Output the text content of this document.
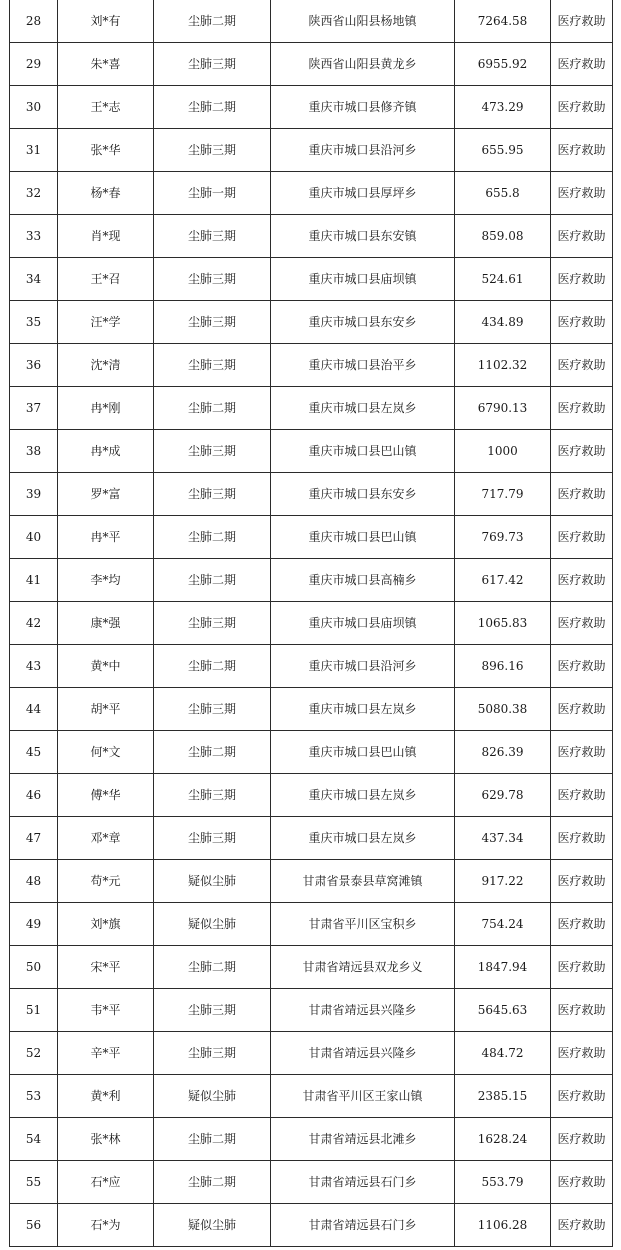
28	刘*有	尘肺二期	陕西省山阳县杨地镇	7264.58	医疗救助
29	朱*喜	尘肺三期	陕西省山阳县黄龙乡	6955.92	医疗救助
30	王*志	尘肺二期	重庆市城口县修齐镇	473.29	医疗救助
31	张*华	尘肺三期	重庆市城口县沿河乡	655.95	医疗救助
32	杨*春	尘肺一期	重庆市城口县厚坪乡	655.8	医疗救助
33	肖*现	尘肺三期	重庆市城口县东安镇	859.08	医疗救助
34	王*召	尘肺三期	重庆市城口县庙坝镇	524.61	医疗救助
35	汪*学	尘肺三期	重庆市城口县东安乡	434.89	医疗救助
36	沈*清	尘肺三期	重庆市城口县治平乡	1102.32	医疗救助
37	冉*刚	尘肺二期	重庆市城口县左岚乡	6790.13	医疗救助
38	冉*成	尘肺三期	重庆市城口县巴山镇	1000	医疗救助
39	罗*富	尘肺三期	重庆市城口县东安乡	717.79	医疗救助
40	冉*平	尘肺二期	重庆市城口县巴山镇	769.73	医疗救助
41	李*均	尘肺二期	重庆市城口县高楠乡	617.42	医疗救助
42	康*强	尘肺三期	重庆市城口县庙坝镇	1065.83	医疗救助
43	黄*中	尘肺二期	重庆市城口县沿河乡	896.16	医疗救助
44	胡*平	尘肺三期	重庆市城口县左岚乡	5080.38	医疗救助
45	何*文	尘肺二期	重庆市城口县巴山镇	826.39	医疗救助
46	傅*华	尘肺三期	重庆市城口县左岚乡	629.78	医疗救助
47	邓*章	尘肺三期	重庆市城口县左岚乡	437.34	医疗救助
48	苟*元	疑似尘肺	甘肃省景泰县草窝滩镇	917.22	医疗救助
49	刘*旗	疑似尘肺	甘肃省平川区宝积乡	754.24	医疗救助
50	宋*平	尘肺二期	甘肃省靖远县双龙乡义	1847.94	医疗救助
51	韦*平	尘肺三期	甘肃省靖远县兴隆乡	5645.63	医疗救助
52	辛*平	尘肺三期	甘肃省靖远县兴隆乡	484.72	医疗救助
53	黄*利	疑似尘肺	甘肃省平川区王家山镇	2385.15	医疗救助
54	张*林	尘肺二期	甘肃省靖远县北滩乡	1628.24	医疗救助
55	石*应	尘肺二期	甘肃省靖远县石门乡	553.79	医疗救助
56	石*为	疑似尘肺	甘肃省靖远县石门乡	1106.28	医疗救助
